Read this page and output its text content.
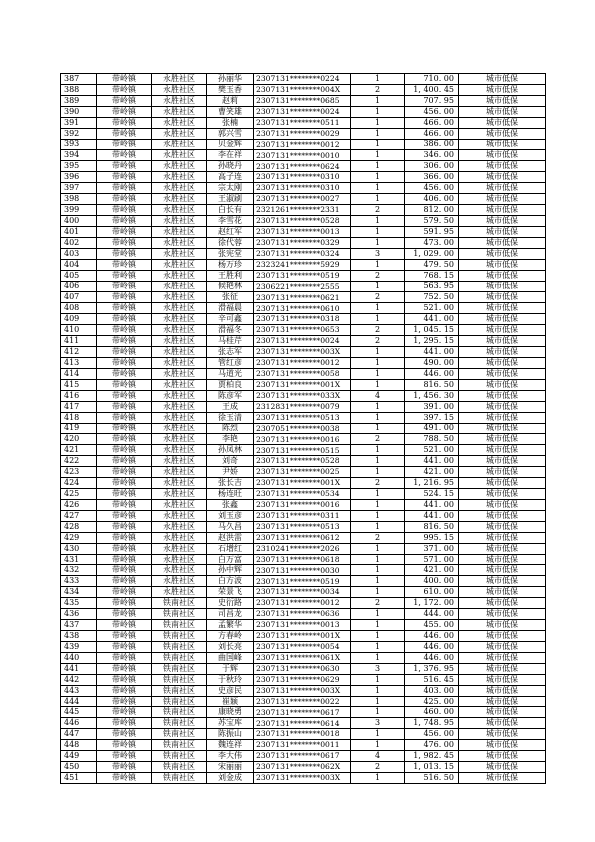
387	带岭镇	永胜社区	孙丽华	2307131********0224	1	710. 00	城市低保
388	带岭镇	永胜社区	樊玉香	2307131********004X	2	1, 400. 45	城市低保
389	带岭镇	永胜社区	赵莉	2307131********0685	1	707. 95	城市低保
390	带岭镇	永胜社区	曹笑雄	2307131********0024	1	456. 00	城市低保
391	带岭镇	永胜社区	张楠	2307131********0511	1	466. 00	城市低保
392	带岭镇	永胜社区	郭兴雪	2307131********0029	1	466. 00	城市低保
393	带岭镇	永胜社区	贝金辉	2307131********0012	1	386. 00	城市低保
394	带岭镇	永胜社区	李在祥	2307131********0010	1	346. 00	城市低保
395	带岭镇	永胜社区	孙晓丹	2307131********0624	1	306. 00	城市低保
396	带岭镇	永胜社区	高子连	2307131********0310	1	366. 00	城市低保
397	带岭镇	永胜社区	宗太刚	2307131********0310	1	456. 00	城市低保
398	带岭镇	永胜社区	王淑刷	2307131********0027	1	406. 00	城市低保
399	带岭镇	永胜社区	白长有	2321261********2331	2	812. 00	城市低保
400	带岭镇	永胜社区	李雪花	2307131********0528	1	579. 50	城市低保
401	带岭镇	永胜社区	赵红军	2307131********0013	1	591. 95	城市低保
402	带岭镇	永胜社区	徐代蓉	2307131********0329	1	473. 00	城市低保
403	带岭镇	永胜社区	张宪堂	2307131********0324	3	1, 029. 00	城市低保
404	带岭镇	永胜社区	杨万珍	2323241********5929	1	479. 50	城市低保
405	带岭镇	永胜社区	王胜利	2307131********0519	2	768. 15	城市低保
406	带岭镇	永胜社区	候艳林	2306221********2555	1	563. 95	城市低保
407	带岭镇	永胜社区	张征	2307131********0621	2	752. 50	城市低保
408	带岭镇	永胜社区	滑福晨	2307131********0610	1	521. 00	城市低保
409	带岭镇	永胜社区	辛可鑫	2307131********0318	1	441. 00	城市低保
410	带岭镇	永胜社区	滑福冬	2307131********0653	2	1, 045. 15	城市低保
411	带岭镇	永胜社区	马桂芹	2307131********0024	2	1, 295. 15	城市低保
412	带岭镇	永胜社区	张志军	2307131********003X	1	441. 00	城市低保
413	带岭镇	永胜社区	管红彦	2307131********0012	1	490. 00	城市低保
414	带岭镇	永胜社区	马道光	2307131********0058	1	446. 00	城市低保
415	带岭镇	永胜社区	贾柏良	2307131********001X	1	816. 50	城市低保
416	带岭镇	永胜社区	陈彦军	2307131********033X	4	1, 456. 30	城市低保
417	带岭镇	永胜社区	王成	2312831********0079	1	391. 00	城市低保
418	带岭镇	永胜社区	徐玉清	2307131********0513	1	397. 15	城市低保
419	带岭镇	永胜社区	陈烈	2307051********0038	1	491. 00	城市低保
420	带岭镇	永胜社区	李艳	2307131********0016	2	788. 50	城市低保
421	带岭镇	永胜社区	孙凤林	2307131********0515	1	521. 00	城市低保
422	带岭镇	永胜社区	刘奇	2307131********0528	1	441. 00	城市低保
423	带岭镇	永胜社区	尹娇	2307131********0025	1	421. 00	城市低保
424	带岭镇	永胜社区	张长吉	2307131********001X	2	1, 216. 95	城市低保
425	带岭镇	永胜社区	杨连旺	2307131********0534	1	524. 15	城市低保
426	带岭镇	永胜社区	张鑫	2307131********0016	1	441. 00	城市低保
427	带岭镇	永胜社区	刘玉彦	2307131********0311	1	441. 00	城市低保
428	带岭镇	永胜社区	马久昌	2307131********0513	1	816. 50	城市低保
429	带岭镇	永胜社区	赵洪雷	2307131********0612	2	995. 15	城市低保
430	带岭镇	永胜社区	石增红	2310241********2026	1	371. 00	城市低保
431	带岭镇	永胜社区	白万富	2307131********0618	1	571. 00	城市低保
432	带岭镇	永胜社区	孙中辉	2307131********0030	1	421. 00	城市低保
433	带岭镇	永胜社区	白方波	2307131********0519	1	400. 00	城市低保
434	带岭镇	永胜社区	荣景飞	2307131********0034	1	610. 00	城市低保
435	带岭镇	铁南社区	史衍路	2307131********0012	2	1, 172. 00	城市低保
436	带岭镇	铁南社区	司昌龙	2307131********0636	1	444. 00	城市低保
437	带岭镇	铁南社区	孟繁华	2307131********0013	1	455. 00	城市低保
438	带岭镇	铁南社区	方春岭	2307131********001X	1	446. 00	城市低保
439	带岭镇	铁南社区	刘长亮	2307131********0054	1	446. 00	城市低保
440	带岭镇	铁南社区	曲国峰	2307131********061X	1	446. 00	城市低保
441	带岭镇	铁南社区	于辉	2307131********0630	3	1, 376. 95	城市低保
442	带岭镇	铁南社区	于秋玲	2307131********0629	1	516. 45	城市低保
443	带岭镇	铁南社区	史彦民	2307131********003X	1	403. 00	城市低保
444	带岭镇	铁南社区	崔颖	2307131********0022	1	425. 00	城市低保
445	带岭镇	铁南社区	康晓勇	2307131********0617	1	460. 00	城市低保
446	带岭镇	铁南社区	苏宝库	2307131********0614	3	1, 748. 95	城市低保
447	带岭镇	铁南社区	陈振山	2307131********0018	1	456. 00	城市低保
448	带岭镇	铁南社区	魏连祥	2307131********0011	1	476. 00	城市低保
449	带岭镇	铁南社区	李大伟	2307131********0617	4	1, 982. 45	城市低保
450	带岭镇	铁南社区	宋丽丽	2307131********062X	2	1, 013. 15	城市低保
451	带岭镇	铁南社区	刘金成	2307131********003X	1	516. 50	城市低保
